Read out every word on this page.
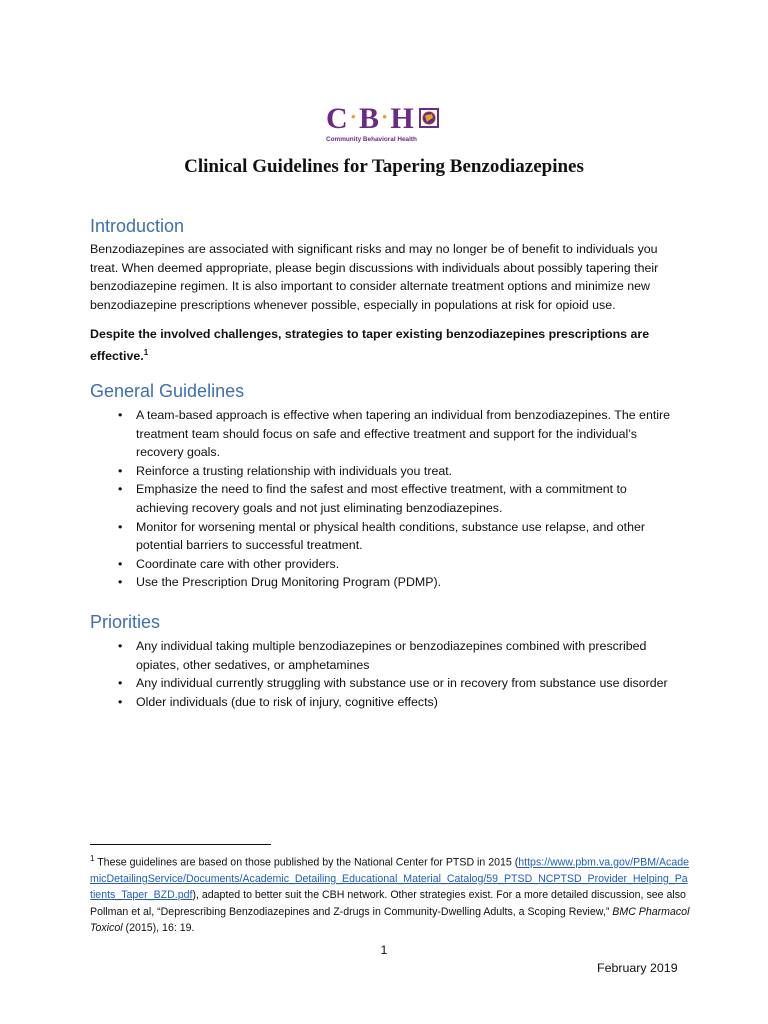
C·B·H
Community Behavioral Health
Clinical Guidelines for Tapering Benzodiazepines
Introduction

Benzodiazepines are associated with significant risks and may no longer be of benefit to individuals you treat. When deemed appropriate, please begin discussions with individuals about possibly tapering their benzodiazepine regimen. It is also important to consider alternate treatment options and minimize new benzodiazepine prescriptions whenever possible, especially in populations at risk for opioid use.

Despite the involved challenges, strategies to taper existing benzodiazepines prescriptions are effective.$^1$

General Guidelines
• A team-based approach is effective when tapering an individual from benzodiazepines. The entire treatment team should focus on safe and effective treatment and support for the individual’s recovery goals.
• Reinforce a trusting relationship with individuals you treat.
• Emphasize the need to find the safest and most effective treatment, with a commitment to achieving recovery goals and not just eliminating benzodiazepines.
• Monitor for worsening mental or physical health conditions, substance use relapse, and other potential barriers to successful treatment.
• Coordinate care with other providers.
• Use the Prescription Drug Monitoring Program (PDMP).
Priorities
• Any individual taking multiple benzodiazepines or benzodiazepines combined with prescribed opiates, other sedatives, or amphetamines
• Any individual currently struggling with substance use or in recovery from substance use disorder
• Older individuals (due to risk of injury, cognitive effects)

$^1$ These guidelines are based on those published by the National Center for PTSD in 2015 (https://www.pbm.va.gov/PBM/AcademicDetailingService/Documents/Academic_Detailing_Educational_Material_Catalog/59_PTSD_NCPTSD_Provider_Helping_Patients_Taper_BZD.pdf), adapted to better suit the CBH network. Other strategies exist. For a more detailed discussion, see also Pollman et al, “Deprescribing Benzodiazepines and Z-drugs in Community-Dwelling Adults, a Scoping Review,” BMC Pharmacol Toxicol (2015), 16: 19.

1
February 2019
